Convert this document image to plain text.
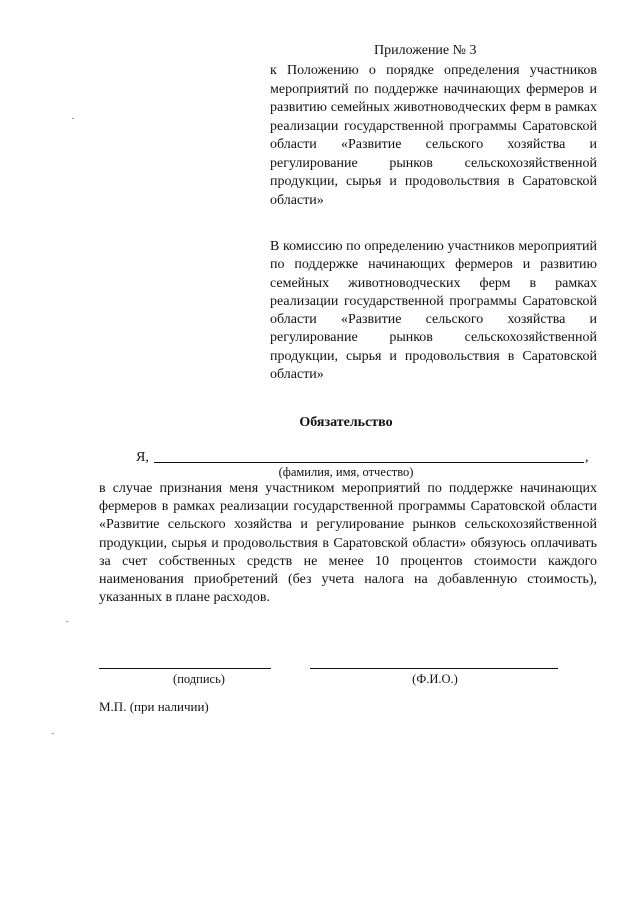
Приложение № 3
к Положению о порядке определения участников мероприятий по поддержке начинающих фермеров и развитию семейных животноводческих ферм в рамках реализации государственной программы Саратовской области «Развитие сельского хозяйства и регулирование рынков сельскохозяйственной продукции, сырья и продовольствия в Саратовской области»
В комиссию по определению участников мероприятий по поддержке начинающих фермеров и развитию семейных животноводческих ферм в рамках реализации государственной программы Саратовской области «Развитие сельского хозяйства и регулирование рынков сельскохозяйственной продукции, сырья и продовольствия в Саратовской области»
Обязательство
Я,	,
(фамилия, имя, отчество)
в случае признания меня участником мероприятий по поддержке начинающих фермеров в рамках реализации государственной программы Саратовской области «Развитие сельского хозяйства и регулирование рынков сельскохозяйственной продукции, сырья и продовольствия в Саратовской области» обязуюсь оплачивать за счет собственных средств не менее 10 процентов стоимости каждого наименования приобретений (без учета налога на добавленную стоимость), указанных в плане расходов.
(подпись)	(Ф.И.О.)
М.П. (при наличии)
